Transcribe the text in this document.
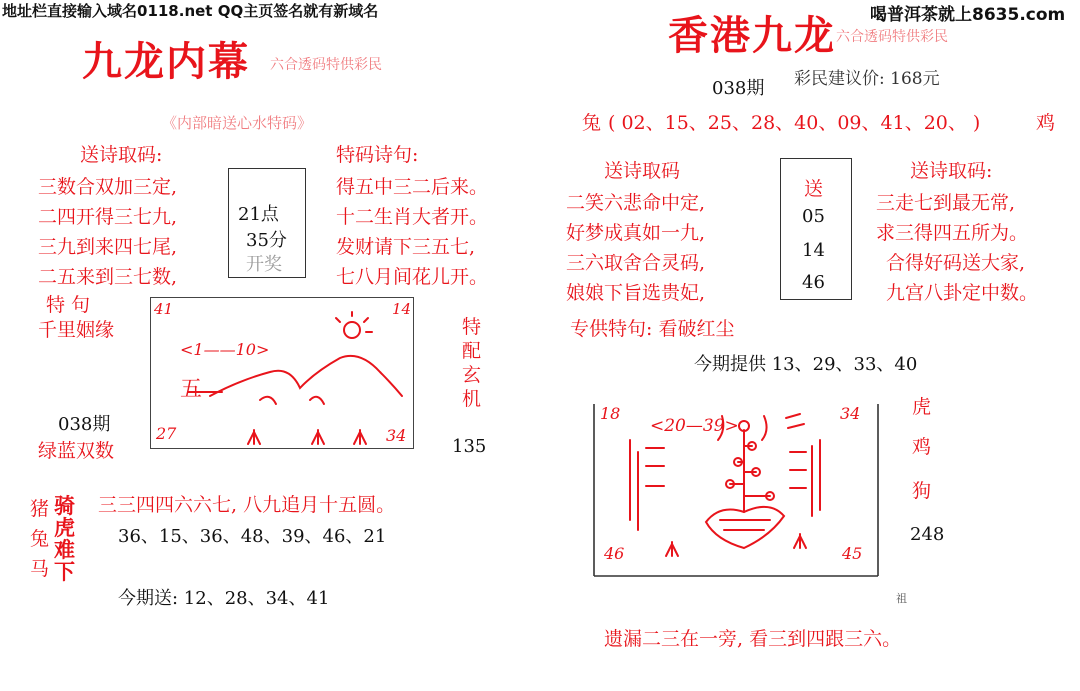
地址栏直接输入域名0118.net QQ主页签名就有新域名	喝普洱茶就上8635.com
九龙内幕 六合透码特供彩民
《内部暗送心水特码》
送诗取码:
三数合双加三定,
二四开得三七九,
三九到来四七尾,
二五来到三七数,
21点
35分
开奖
特码诗句:
得五中三二后来。
十二生肖大者开。
发财请下三五七,
七八月间花儿开。
特 句
千里姻缘
038期
绿蓝双数
特
配
玄
机
135
41	14
27	34
<1——10>
五
猪
兔
马
骑
虎
难
下
三三四四六六七, 八九追月十五圆。
36、15、36、48、39、46、21
今期送: 12、28、34、41
香港九龙 六合透码特供彩民
038期 彩民建议价: 168元
兔 ( 02、15、25、28、40、09、41、20、 )	鸡
送诗取码
二笑六悲命中定,
好梦成真如一九,
三六取舍合灵码,
娘娘下旨选贵妃,
送
05
14
46
送诗取码:
三走七到最无常,
求三得四五所为。
合得好码送大家,
九宫八卦定中数。
专供特句: 看破红尘
今期提供 13、29、33、40
18	34
46	45
<20—39>
虎
鸡
狗
248
祖
遗漏二三在一旁, 看三到四跟三六。
